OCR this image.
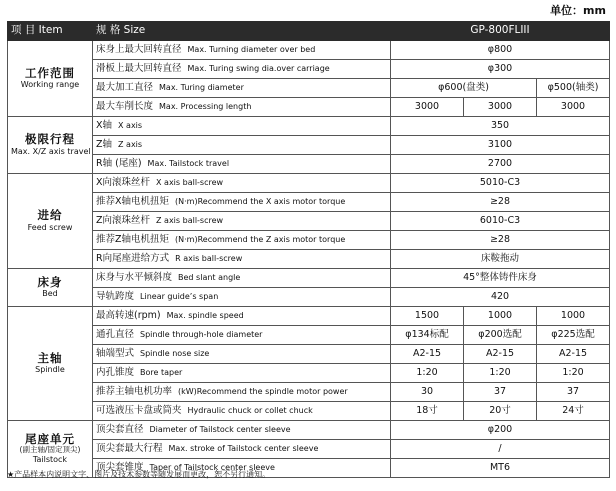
单位：mm
项 目 Item	规 格 Size	GP-800FLIII		

工作范围
Working range	床身上最大回转直径 Max. Turning diameter over bed	φ800		
	滑板上最大回转直径 Max. Turing swing dia.over carriage	φ300		
	最大加工直径 Max. Turing diameter	φ600(盘类)		φ500(轴类)
	最大车削长度 Max. Processing length	3000	3000	3000

极限行程
Max. X/Z axis travel	X轴 X axis	350		
	Z轴 Z axis	3100		
	R轴 (尾座) Max. Tailstock travel	2700		

进给
Feed screw	X向滚珠丝杆 X axis ball-screw	5010-C3		
	推荐X轴电机扭矩 (N·m)Recommend the X axis motor torque	≥28		
	Z向滚珠丝杆 Z axis ball-screw	6010-C3		
	推荐Z轴电机扭矩 (N·m)Recommend the Z axis motor torque	≥28		
	R向尾座进给方式 R axis ball-screw	床鞍拖动		

床身
Bed	床身与水平倾斜度 Bed slant angle	45°整体铸件床身		
	导轨跨度 Linear guide’s span	420		

主轴
Spindle	最高转速(rpm) Max. spindle speed	1500	1000	1000
	通孔直径 Spindle through-hole diameter	φ134标配	φ200选配	φ225选配
	轴端型式 Spindle nose size	A2-15	A2-15	A2-15
	内孔锥度 Bore taper	1:20	1:20	1:20
	推荐主轴电机功率 (kW)Recommend the spindle motor power	30	37	37
	可选液压卡盘或筒夹 Hydraulic chuck or collet chuck	18寸	20寸	24寸

尾座单元
(副主轴/固定顶尖)
Tailstock	顶尖套直径 Diameter of Tailstock center sleeve	φ200		
	顶尖套最大行程 Max. stroke of Tailstock center sleeve	/		
	顶尖套锥度 Taper of Tailstock center sleeve	MT6		
★产品样本内说明文字、图片及技术参数等随发展而更改，恕不另行通知。
